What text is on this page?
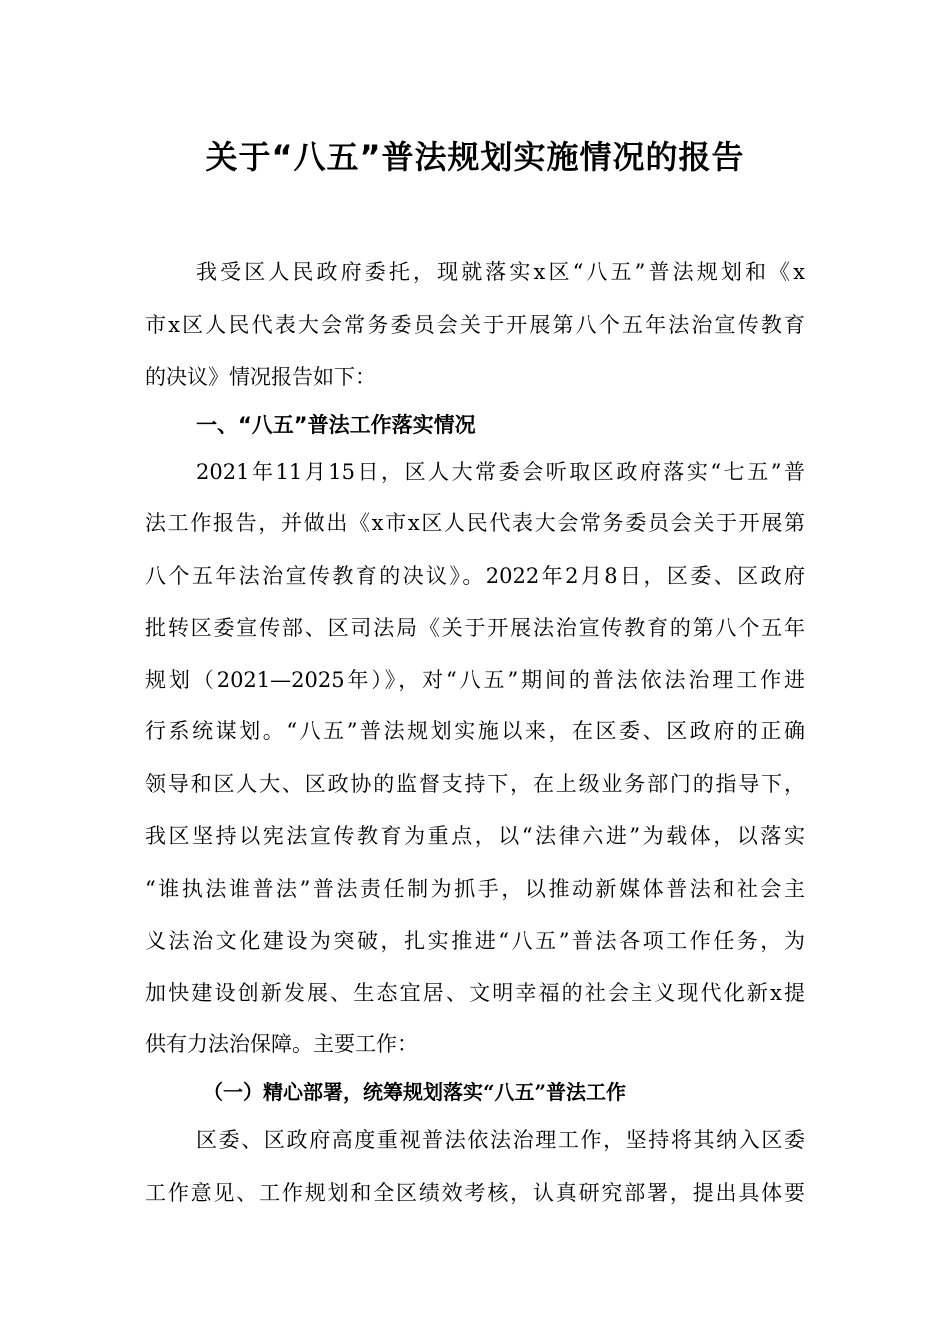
关于“八五”普法规划实施情况的报告
我受区人民政府委托，现就落实x区“八五”普法规划和《x
市x区人民代表大会常务委员会关于开展第八个五年法治宣传教育
的决议》情况报告如下：
一、“八五”普法工作落实情况
2021年11月15日，区人大常委会听取区政府落实“七五”普
法工作报告，并做出《x市x区人民代表大会常务委员会关于开展第
八个五年法治宣传教育的决议》。2022年2月8日，区委、区政府
批转区委宣传部、区司法局《关于开展法治宣传教育的第八个五年
规划（2021—2025年）》，对“八五”期间的普法依法治理工作进
行系统谋划。“八五”普法规划实施以来，在区委、区政府的正确
领导和区人大、区政协的监督支持下，在上级业务部门的指导下，
我区坚持以宪法宣传教育为重点，以“法律六进”为载体，以落实
“谁执法谁普法”普法责任制为抓手，以推动新媒体普法和社会主
义法治文化建设为突破，扎实推进“八五”普法各项工作任务，为
加快建设创新发展、生态宜居、文明幸福的社会主义现代化新x提
供有力法治保障。主要工作：
（一）精心部署，统筹规划落实“八五”普法工作
区委、区政府高度重视普法依法治理工作，坚持将其纳入区委
工作意见、工作规划和全区绩效考核，认真研究部署，提出具体要
